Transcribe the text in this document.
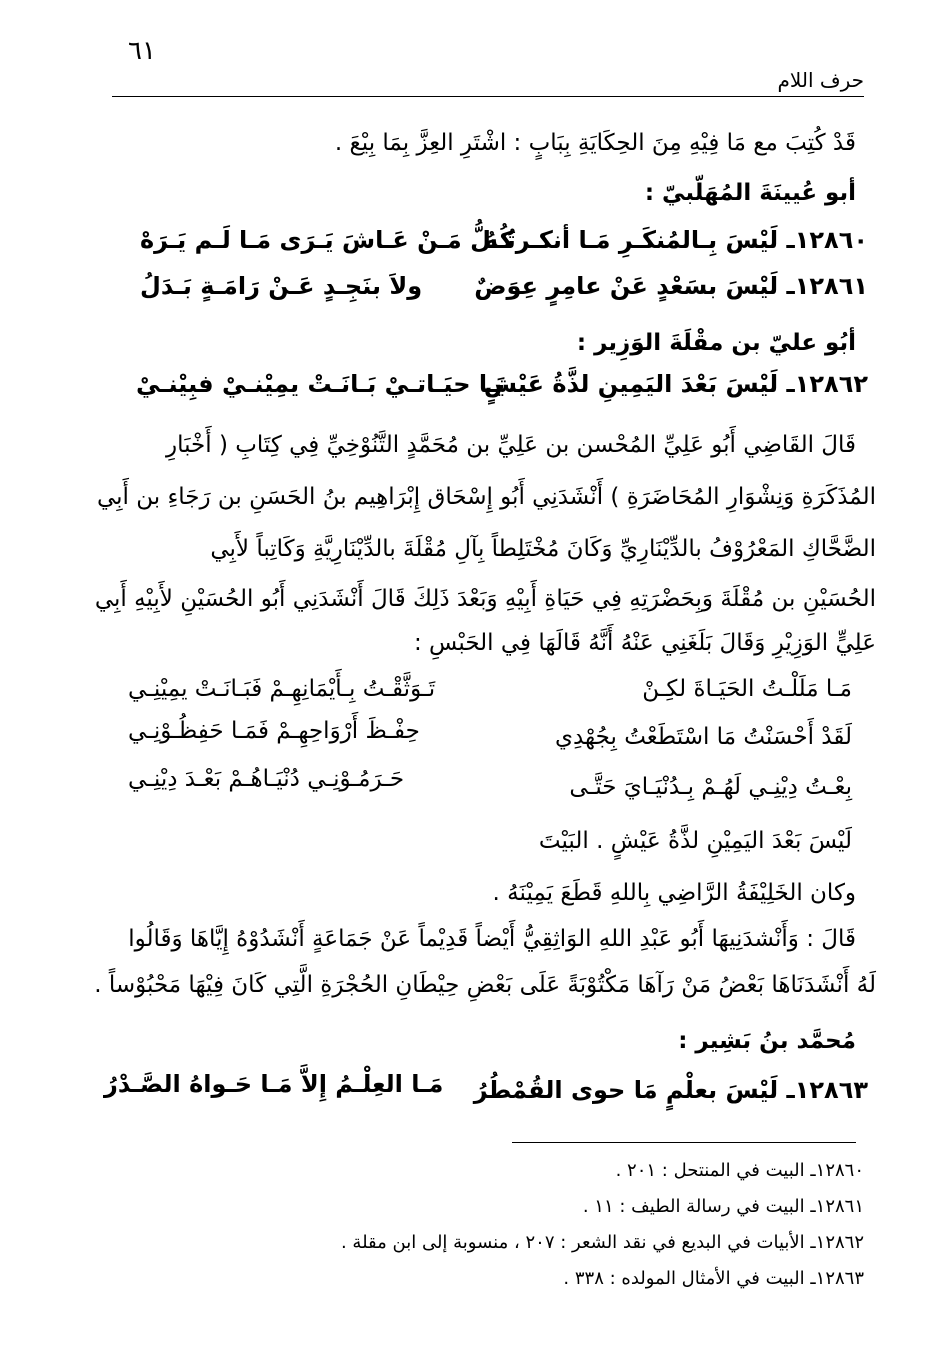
٦١
حرف اللام
قَدْ كُتِبَ مع مَا فِيْهِ مِنَ الحِكَايَةِ بِبَابٍ : اشْتَرِ العِزَّ بِمَا بِيْعَ .
أبو عُيينَةَ المُهَلّبيّ :
١٢٨٦٠ـ لَيْسَ بِـالمُنكَـرِ مَـا أنكـرتُـهُ
كُـلُّ مَـنْ عَـاشَ يَـرَى مَـا لَـم يَـرَهْ
١٢٨٦١ـ لَيْسَ بسَعْدٍ عَنْ عامِرٍ عِوَضٌ
ولاَ بنَجِـدٍ عَـنْ رَامَـةٍ بَـدَلُ
أبُو عليّ بن مقْلَةَ الوَزِير :
١٢٨٦٢ـ لَيْسَ بَعْدَ اليَمِينِ لذَّةُ عَيْشٍ
يَـا حيَـاتـيْ بَـانَـتْ يمِيْنـيْ فبِيْنـيْ
قَالَ القَاضِي أَبُو عَلِيِّ المُحْسن بن عَلِيِّ بن مُحَمَّدٍ التَّنُوْخِيِّ فِي كِتَابِ ( أَخْبَارِ
المُذَكَرَةِ وَنِشْوَارِ المُحَاضَرَةِ ) أَنْشَدَنِي أَبُو إِسْحَاق إِبْرَاهِيم بنُ الحَسَنِ بن رَجَاءِ بن أَبِي
الضَّحَّاكِ المَعْرُوْفُ بالدِّيْنَارِيِّ وَكَانَ مُخْتَلِطاً بِآلِ مُقْلَةَ بالدِّيْنَارِيَّةِ وَكَاتِباً لأَبِي
الحُسَيْنِ بن مُقْلَةَ وَبِحَضْرَتِهِ فِي حَيَاةِ أَبِيْهِ وَبَعْدَ ذَلِكَ قَالَ أَنْشَدَنِي أَبُو الحُسَيْنِ لأَبِيْهِ أَبِي
عَلِيٍّ الوَزِيْرِ وَقَالَ بَلَغَنِي عَنْهُ أَنَّهُ قَالَهَا فِي الحَبْسِ :
مَـا مَلَلْـتُ الحَيَـاةَ لكِـنْ
تَـوَثَّقْـتُ بِـأَيْمَانِهِـمْ فَبَـانَـتْ يمِيْنِـي
لَقَدْ أَحْسَنْتُ مَا اسْتَطَعْتُ بِجُهْدِي
حِفْـظَ أَرْوَاحِهِـمْ فَمَـا حَفِظُـوْنِـي
بِعْـتُ دِيْنِـي لَهُـمْ بِـدُنْيَـايَ حَتَّـى
حَـرَمُـوْنِـي دُنْيَـاهُـمْ بَعْـدَ دِيْنِـي
لَيْسَ بَعْدَ اليَمِيْنِ لذَّةُ عَيْشٍ . البَيْتَ
وكان الخَلِيْفَةُ الرَّاضِي بِاللهِ قَطَعَ يَمِيْنَهُ .
قَالَ : وَأَنْشدَنِيهَا أَبُو عَبْدِ اللهِ الوَاثِقِيُّ أَيْضاً قَدِيْماً عَنْ جَمَاعَةٍ أَنْشَدُوْهُ إِيَّاهَا وَقَالُوا
لَهُ أَنْشَدَنَاهَا بَعْضُ مَنْ رَآهَا مَكْتُوْبَةً عَلَى بَعْضِ حِيْطَانِ الحُجْرَةِ الَّتِي كَانَ فِيْهَا مَحْبُوْساً .
مُحمَّد بنُ بَشِير :
١٢٨٦٣ـ لَيْسَ بعلْمٍ مَا حوى القُمْطُرُ
مَـا العِلْـمُ إِلاَّ مَـا حَـواهُ الصَّـدْرُ
١٢٨٦٠ـ البيت في المنتحل : ٢٠١ .
١٢٨٦١ـ البيت في رسالة الطيف : ١١ .
١٢٨٦٢ـ الأبيات في البديع في نقد الشعر : ٢٠٧ ، منسوبة إلى ابن مقلة .
١٢٨٦٣ـ البيت في الأمثال المولده : ٣٣٨ .
